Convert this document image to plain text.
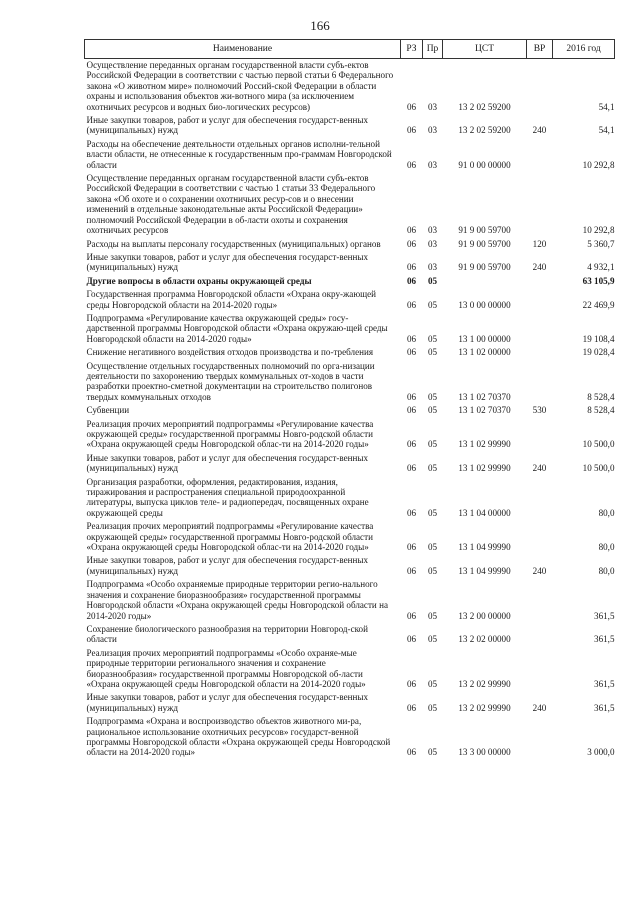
166
Наименование	РЗ	Пр	ЦСТ	ВР	2016 год
Осуществление переданных органам государственной власти субъ-ектов Российской Федерации в соответствии с частью первой статьи 6 Федерального закона «О животном мире» полномочий Россий-ской Федерации в области охраны и использования объектов жи-вотного мира (за исключением охотничьих ресурсов и водных био-логических ресурсов)	06	03	13 2 02 59200		54,1
Иные закупки товаров, работ и услуг для обеспечения государст-венных (муниципальных) нужд	06	03	13 2 02 59200	240	54,1
Расходы на обеспечение деятельности отдельных органов исполни-тельной власти области, не отнесенные к государственным про-граммам Новгородской области	06	03	91 0 00 00000		10 292,8
Осуществление переданных органам государственной власти субъ-ектов Российской Федерации в соответствии с частью 1 статьи 33 Федерального закона «Об охоте и о сохранении охотничьих ресур-сов и о внесении изменений в отдельные законодательные акты Российской Федерации» полномочий Российской Федерации в об-ласти охоты и сохранения охотничьих ресурсов	06	03	91 9 00 59700		10 292,8
Расходы на выплаты персоналу государственных (муниципальных) органов	06	03	91 9 00 59700	120	5 360,7
Иные закупки товаров, работ и услуг для обеспечения государст-венных (муниципальных) нужд	06	03	91 9 00 59700	240	4 932,1
Другие вопросы в области охраны окружающей среды	06	05			63 105,9
Государственная программа Новгородской области «Охрана окру-жающей среды Новгородской области на 2014-2020 годы»	06	05	13 0 00 00000		22 469,9
Подпрограмма «Регулирование качества окружающей среды» госу-дарственной программы Новгородской области «Охрана окружаю-щей среды Новгородской области на 2014-2020 годы»	06	05	13 1 00 00000		19 108,4
Снижение негативного воздействия отходов производства и по-требления	06	05	13 1 02 00000		19 028,4
Осуществление отдельных государственных полномочий по орга-низации деятельности по захоронению твердых коммунальных от-ходов в части разработки проектно-сметной документации на строительство полигонов твердых коммунальных отходов	06	05	13 1 02 70370		8 528,4
Субвенции	06	05	13 1 02 70370	530	8 528,4
Реализация прочих мероприятий подпрограммы «Регулирование качества окружающей среды» государственной программы Новго-родской области «Охрана окружающей среды Новгородской облас-ти на 2014-2020 годы»	06	05	13 1 02 99990		10 500,0
Иные закупки товаров, работ и услуг для обеспечения государст-венных (муниципальных) нужд	06	05	13 1 02 99990	240	10 500,0
Организация разработки, оформления, редактирования, издания, тиражирования и распространения специальной природоохранной литературы, выпуска циклов теле- и радиопередач, посвященных охране окружающей среды	06	05	13 1 04 00000		80,0
Реализация прочих мероприятий подпрограммы «Регулирование качества окружающей среды» государственной программы Новго-родской области «Охрана окружающей среды Новгородской облас-ти на 2014-2020 годы»	06	05	13 1 04 99990		80,0
Иные закупки товаров, работ и услуг для обеспечения государст-венных (муниципальных) нужд	06	05	13 1 04 99990	240	80,0
Подпрограмма «Особо охраняемые природные территории регио-нального значения и сохранение биоразнообразия» государственной программы Новгородской области «Охрана окружающей среды Новгородской области на 2014-2020 годы»	06	05	13 2 00 00000		361,5
Сохранение биологического разнообразия на территории Новгород-ской области	06	05	13 2 02 00000		361,5
Реализация прочих мероприятий подпрограммы «Особо охраняе-мые природные территории регионального значения и сохранение биоразнообразия» государственной программы Новгородской об-ласти «Охрана окружающей среды Новгородской области на 2014-2020 годы»	06	05	13 2 02 99990		361,5
Иные закупки товаров, работ и услуг для обеспечения государст-венных (муниципальных) нужд	06	05	13 2 02 99990	240	361,5
Подпрограмма «Охрана и воспроизводство объектов животного ми-ра, рациональное использование охотничьих ресурсов» государст-венной программы Новгородской области «Охрана окружающей среды Новгородской области на 2014-2020 годы»	06	05	13 3 00 00000		3 000,0
